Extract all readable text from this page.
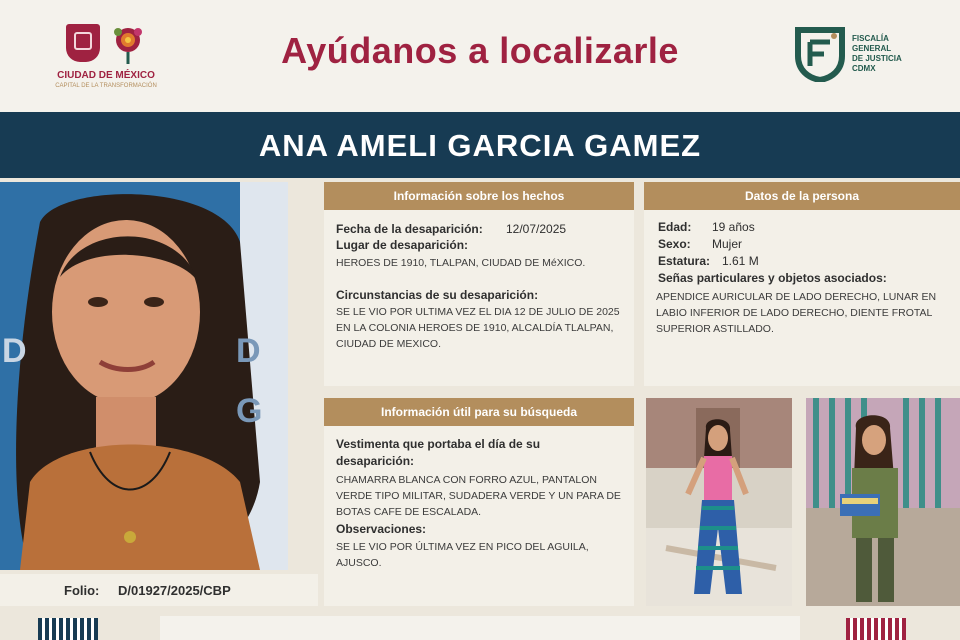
CIUDAD DE MÉXICO
CAPITAL DE LA TRANSFORMACIÓN
Ayúdanos a localizarle	FISCALÍA
GENERAL
DE JUSTICIA
CDMX
ANA AMELI GARCIA GAMEZ
D	D
G
Folio: D/01927/2025/CBP
Información sobre los hechos
Fecha de la desaparición: 12/07/2025
Lugar de desaparición:
HEROES DE 1910, TLALPAN, CIUDAD DE MéXICO.
Circunstancias de su desaparición:
SE LE VIO POR ULTIMA VEZ EL DIA 12 DE JULIO DE 2025 EN LA COLONIA HEROES DE 1910, ALCALDÍA TLALPAN, CIUDAD DE MEXICO.
Datos de la persona
Edad: 19 años
Sexo: Mujer
Estatura: 1.61 M
Señas particulares y objetos asociados:
APENDICE AURICULAR DE LADO DERECHO, LUNAR EN LABIO INFERIOR DE LADO DERECHO, DIENTE FROTAL SUPERIOR ASTILLADO.
Información útil para su búsqueda
Vestimenta que portaba el día de su desaparición:
CHAMARRA BLANCA CON FORRO AZUL, PANTALON VERDE TIPO MILITAR, SUDADERA VERDE Y UN PARA DE BOTAS CAFE DE ESCALADA.
Observaciones:
SE LE VIO POR ÚLTIMA VEZ EN PICO DEL AGUILA, AJUSCO.
